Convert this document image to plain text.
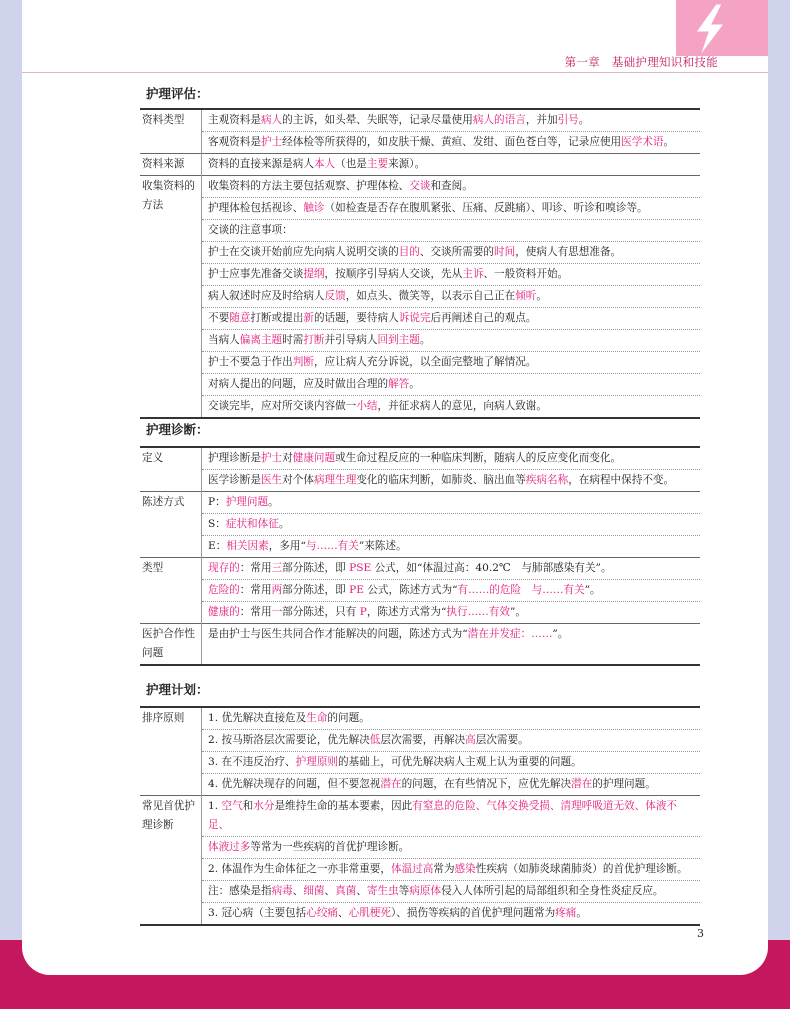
第一章　基础护理知识和技能
护理评估：
资料类型	主观资料是病人的主诉，如头晕、失眠等，记录尽量使用病人的语言，并加引号。
	客观资料是护士经体检等所获得的，如皮肤干燥、黄疸、发绀、面色苍白等，记录应使用医学术语。
资料来源	资料的直接来源是病人本人（也是主要来源）。
收集资料的方法	收集资料的方法主要包括观察、护理体检、交谈和查阅。
	护理体检包括视诊、触诊（如检查是否存在腹肌紧张、压痛、反跳痛）、叩诊、听诊和嗅诊等。
	交谈的注意事项：
	护士在交谈开始前应先向病人说明交谈的目的、交谈所需要的时间，使病人有思想准备。
	护士应事先准备交谈提纲，按顺序引导病人交谈，先从主诉、一般资料开始。
	病人叙述时应及时给病人反馈，如点头、微笑等，以表示自己正在倾听。
	不要随意打断或提出新的话题，要待病人诉说完后再阐述自己的观点。
	当病人偏离主题时需打断并引导病人回到主题。
	护士不要急于作出判断，应让病人充分诉说，以全面完整地了解情况。
	对病人提出的问题，应及时做出合理的解答。
	交谈完毕，应对所交谈内容做一小结，并征求病人的意见，向病人致谢。
护理诊断：
定义	护理诊断是护士对健康问题或生命过程反应的一种临床判断，随病人的反应变化而变化。
	医学诊断是医生对个体病理生理变化的临床判断，如肺炎、脑出血等疾病名称，在病程中保持不变。
陈述方式	P：护理问题。
	S：症状和体征。
	E：相关因素，多用“与……有关”来陈述。
类型	现存的：常用三部分陈述，即 PSE 公式，如“体温过高：40.2℃　与肺部感染有关”。
	危险的：常用两部分陈述，即 PE 公式，陈述方式为“有……的危险　与……有关”。
	健康的：常用一部分陈述，只有 P，陈述方式常为“执行……有效”。
医护合作性问题	是由护士与医生共同合作才能解决的问题，陈述方式为“潜在并发症：……”。
护理计划：
排序原则	1. 优先解决直接危及生命的问题。
	2. 按马斯洛层次需要论，优先解决低层次需要，再解决高层次需要。
	3. 在不违反治疗、护理原则的基础上，可优先解决病人主观上认为重要的问题。
	4. 优先解决现存的问题，但不要忽视潜在的问题，在有些情况下，应优先解决潜在的护理问题。
常见首优护理诊断	1. 空气和水分是维持生命的基本要素，因此有窒息的危险、气体交换受损、清理呼吸道无效、体液不足、
	体液过多等常为一些疾病的首优护理诊断。
	2. 体温作为生命体征之一亦非常重要，体温过高常为感染性疾病（如肺炎球菌肺炎）的首优护理诊断。
	注：感染是指病毒、细菌、真菌、寄生虫等病原体侵入人体所引起的局部组织和全身性炎症反应。
	3. 冠心病（主要包括心绞痛、心肌梗死）、损伤等疾病的首优护理问题常为疼痛。
3
